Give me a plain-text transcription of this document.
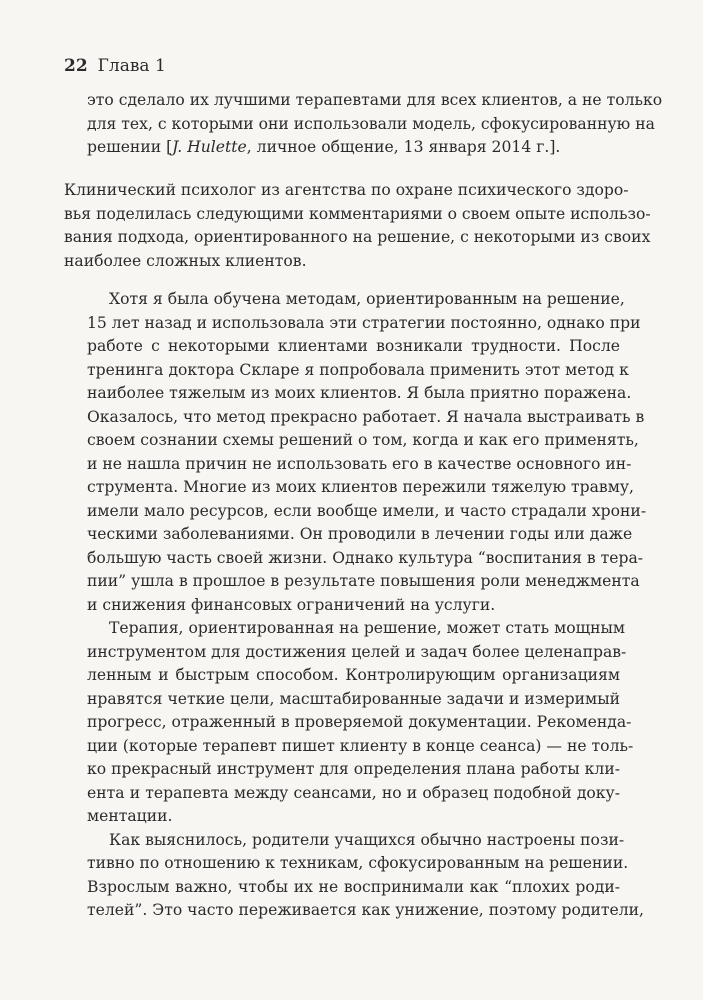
22 Глава 1
это сделало их лучшими терапевтами для всех клиентов, а не только
для тех, с которыми они использовали модель, сфокусированную на
решении [J. Hulette, личное общение, 13 января 2014 г.].
Клинический психолог из агентства по охране психического здоро-
вья поделилась следующими комментариями о своем опыте использо-
вания подхода, ориентированного на решение, с некоторыми из своих
наиболее сложных клиентов.
Хотя я была обучена методам, ориентированным на решение,
15 лет назад и использовала эти стратегии постоянно, однако при
работе с некоторыми клиентами возникали трудности. После
тренинга доктора Скларе я попробовала применить этот метод к
наиболее тяжелым из моих клиентов. Я была приятно поражена.
Оказалось, что метод прекрасно работает. Я начала выстраивать в
своем сознании схемы решений о том, когда и как его применять,
и не нашла причин не использовать его в качестве основного ин-
струмента. Многие из моих клиентов пережили тяжелую травму,
имели мало ресурсов, если вообще имели, и часто страдали хрони-
ческими заболеваниями. Он проводили в лечении годы или даже
большую часть своей жизни. Однако культура “воспитания в тера-
пии” ушла в прошлое в результате повышения роли менеджмента
и снижения финансовых ограничений на услуги.
Терапия, ориентированная на решение, может стать мощным
инструментом для достижения целей и задач более целенаправ-
ленным и быстрым способом. Контролирующим организациям
нравятся четкие цели, масштабированные задачи и измеримый
прогресс, отраженный в проверяемой документации. Рекоменда-
ции (которые терапевт пишет клиенту в конце сеанса) — не толь-
ко прекрасный инструмент для определения плана работы кли-
ента и терапевта между сеансами, но и образец подобной доку-
ментации.
Как выяснилось, родители учащихся обычно настроены пози-
тивно по отношению к техникам, сфокусированным на решении.
Взрослым важно, чтобы их не воспринимали как “плохих роди-
телей”. Это часто переживается как унижение, поэтому родители,
